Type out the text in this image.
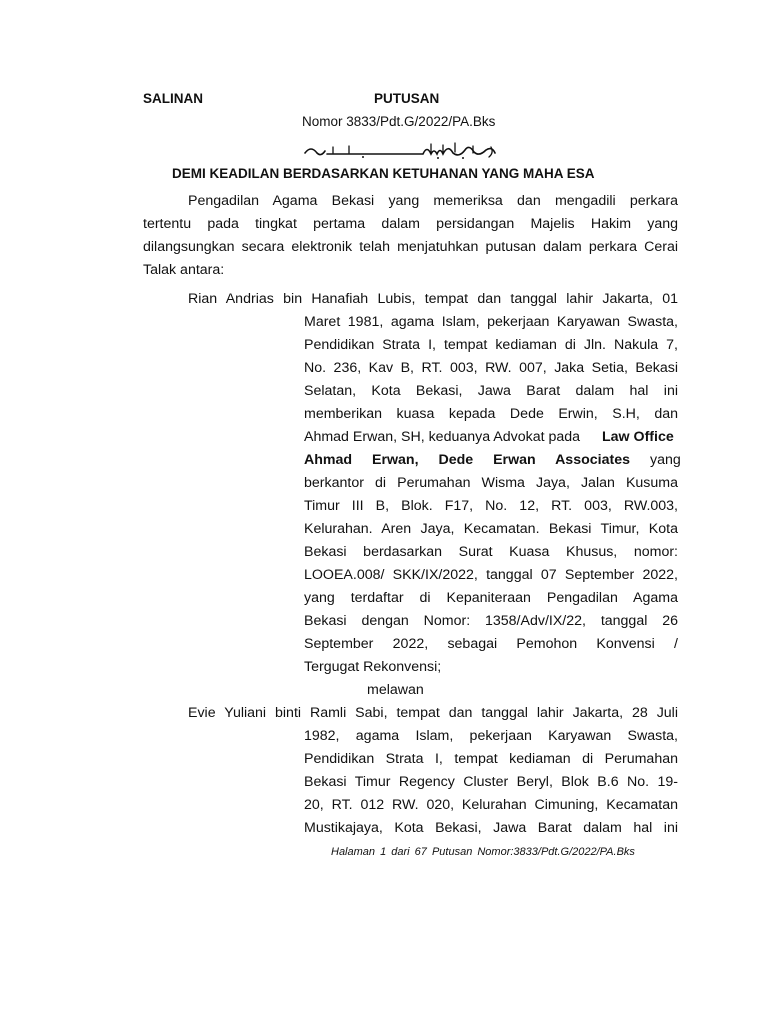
SALINAN	PUTUSAN
Nomor 3833/Pdt.G/2022/PA.Bks
DEMI KEADILAN BERDASARKAN KETUHANAN YANG MAHA ESA
Pengadilan Agama Bekasi yang memeriksa dan mengadili perkara
tertentu pada tingkat pertama dalam persidangan Majelis Hakim yang
dilangsungkan secara elektronik telah menjatuhkan putusan dalam perkara Cerai
Talak antara:
Rian Andrias bin Hanafiah Lubis, tempat dan tanggal lahir Jakarta, 01
Maret 1981, agama Islam, pekerjaan Karyawan Swasta,
Pendidikan Strata I, tempat kediaman di Jln. Nakula 7,
No. 236, Kav B, RT. 003, RW. 007, Jaka Setia, Bekasi
Selatan, Kota Bekasi, Jawa Barat dalam hal ini
memberikan kuasa kepada Dede Erwin, S.H, dan
Ahmad Erwan, SH, keduanya Advokat pada Law Office
Ahmad Erwan, Dede Erwan Associates yang
berkantor di Perumahan Wisma Jaya, Jalan Kusuma
Timur III B, Blok. F17, No. 12, RT. 003, RW.003,
Kelurahan. Aren Jaya, Kecamatan. Bekasi Timur, Kota
Bekasi berdasarkan Surat Kuasa Khusus, nomor:
LOOEA.008/ SKK/IX/2022, tanggal 07 September 2022,
yang terdaftar di Kepaniteraan Pengadilan Agama
Bekasi dengan Nomor: 1358/Adv/IX/22, tanggal 26
September 2022, sebagai Pemohon Konvensi /
Tergugat Rekonvensi;
melawan
Evie Yuliani binti Ramli Sabi, tempat dan tanggal lahir Jakarta, 28 Juli
1982, agama Islam, pekerjaan Karyawan Swasta,
Pendidikan Strata I, tempat kediaman di Perumahan
Bekasi Timur Regency Cluster Beryl, Blok B.6 No. 19-
20, RT. 012 RW. 020, Kelurahan Cimuning, Kecamatan
Mustikajaya, Kota Bekasi, Jawa Barat dalam hal ini
Halaman 1 dari 67 Putusan Nomor:3833/Pdt.G/2022/PA.Bks
